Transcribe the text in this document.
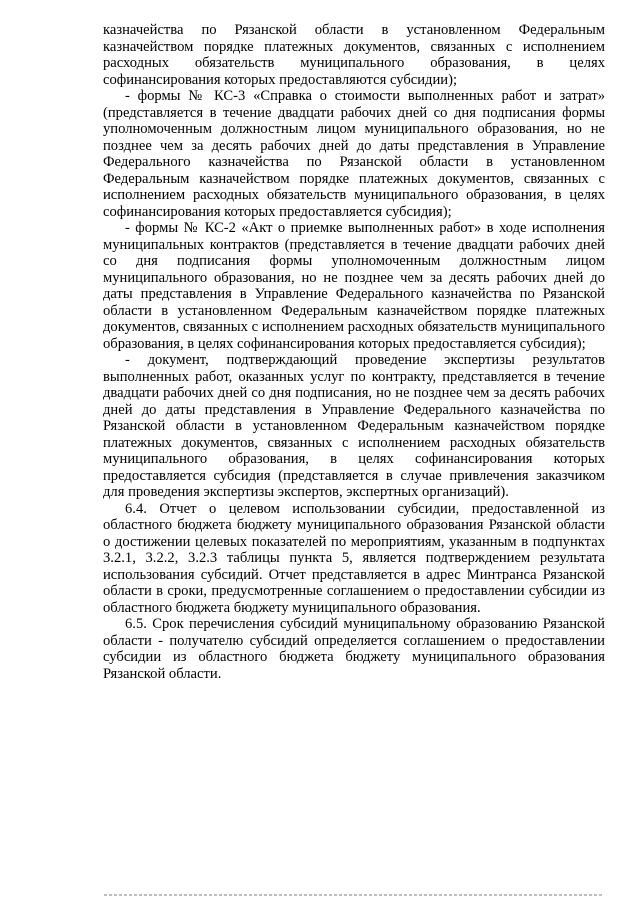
казначейства по Рязанской области в установленном Федеральным казначейством порядке платежных документов, связанных с исполнением расходных обязательств муниципального образования, в целях софинансирования которых предоставляются субсидии);

- формы № КС-3 «Справка о стоимости выполненных работ и затрат» (представляется в течение двадцати рабочих дней со дня подписания формы уполномоченным должностным лицом муниципального образования, но не позднее чем за десять рабочих дней до даты представления в Управление Федерального казначейства по Рязанской области в установленном Федеральным казначейством порядке платежных документов, связанных с исполнением расходных обязательств муниципального образования, в целях софинансирования которых предоставляется субсидия);

- формы № КС-2 «Акт о приемке выполненных работ» в ходе исполнения муниципальных контрактов (представляется в течение двадцати рабочих дней со дня подписания формы уполномоченным должностным лицом муниципального образования, но не позднее чем за десять рабочих дней до даты представления в Управление Федерального казначейства по Рязанской области в установленном Федеральным казначейством порядке платежных документов, связанных с исполнением расходных обязательств муниципального образования, в целях софинансирования которых предоставляется субсидия);

- документ, подтверждающий проведение экспертизы результатов выполненных работ, оказанных услуг по контракту, представляется в течение двадцати рабочих дней со дня подписания, но не позднее чем за десять рабочих дней до даты представления в Управление Федерального казначейства по Рязанской области в установленном Федеральным казначейством порядке платежных документов, связанных с исполнением расходных обязательств муниципального образования, в целях софинансирования которых предоставляется субсидия (представляется в случае привлечения заказчиком для проведения экспертизы экспертов, экспертных организаций).

6.4. Отчет о целевом использовании субсидии, предоставленной из областного бюджета бюджету муниципального образования Рязанской области о достижении целевых показателей по мероприятиям, указанным в подпунктах 3.2.1, 3.2.2, 3.2.3 таблицы пункта 5, является подтверждением результата использования субсидий. Отчет представляется в адрес Минтранса Рязанской области в сроки, предусмотренные соглашением о предоставлении субсидии из областного бюджета бюджету муниципального образования.

6.5. Срок перечисления субсидий муниципальному образованию Рязанской области - получателю субсидий определяется соглашением о предоставлении субсидии из областного бюджета бюджету муниципального образования Рязанской области.
